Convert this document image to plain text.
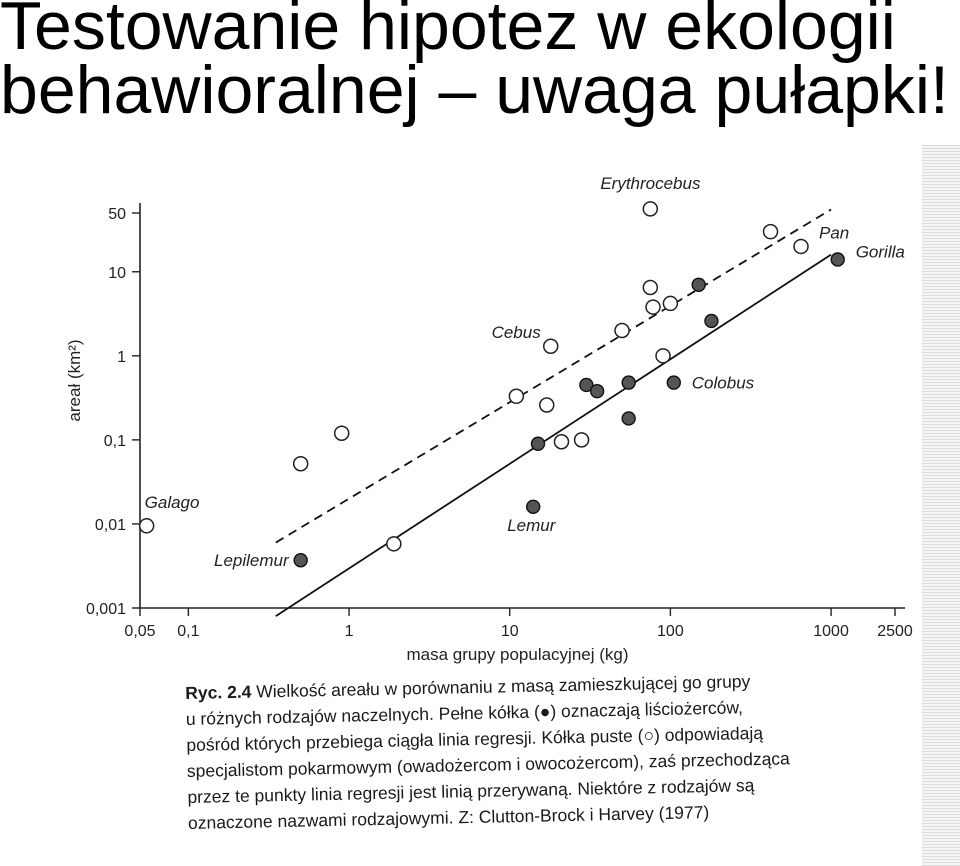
Testowanie hipotez w ekologii
behawioralnej – uwaga pułapki!
0,001
0,01
0,1
1
10
50
0,05 0,1	1	10	100	1000 2500
masa grupy populacyjnej (kg)
areał (km²)
Lepilemur
Lemur
Colobus
Gorilla
Galago
Cebus
Erythrocebus
Pan
Ryc. 2.4 Wielkość areału w porównaniu z masą zamieszkującej go grupy
u różnych rodzajów naczelnych. Pełne kółka (●) oznaczają liściożerców,
pośród których przebiega ciągła linia regresji. Kółka puste (○) odpowiadają
specjalistom pokarmowym (owadożercom i owocożercom), zaś przechodząca
przez te punkty linia regresji jest linią przerywaną. Niektóre z rodzajów są
oznaczone nazwami rodzajowymi. Z: Clutton-Brock i Harvey (1977)
